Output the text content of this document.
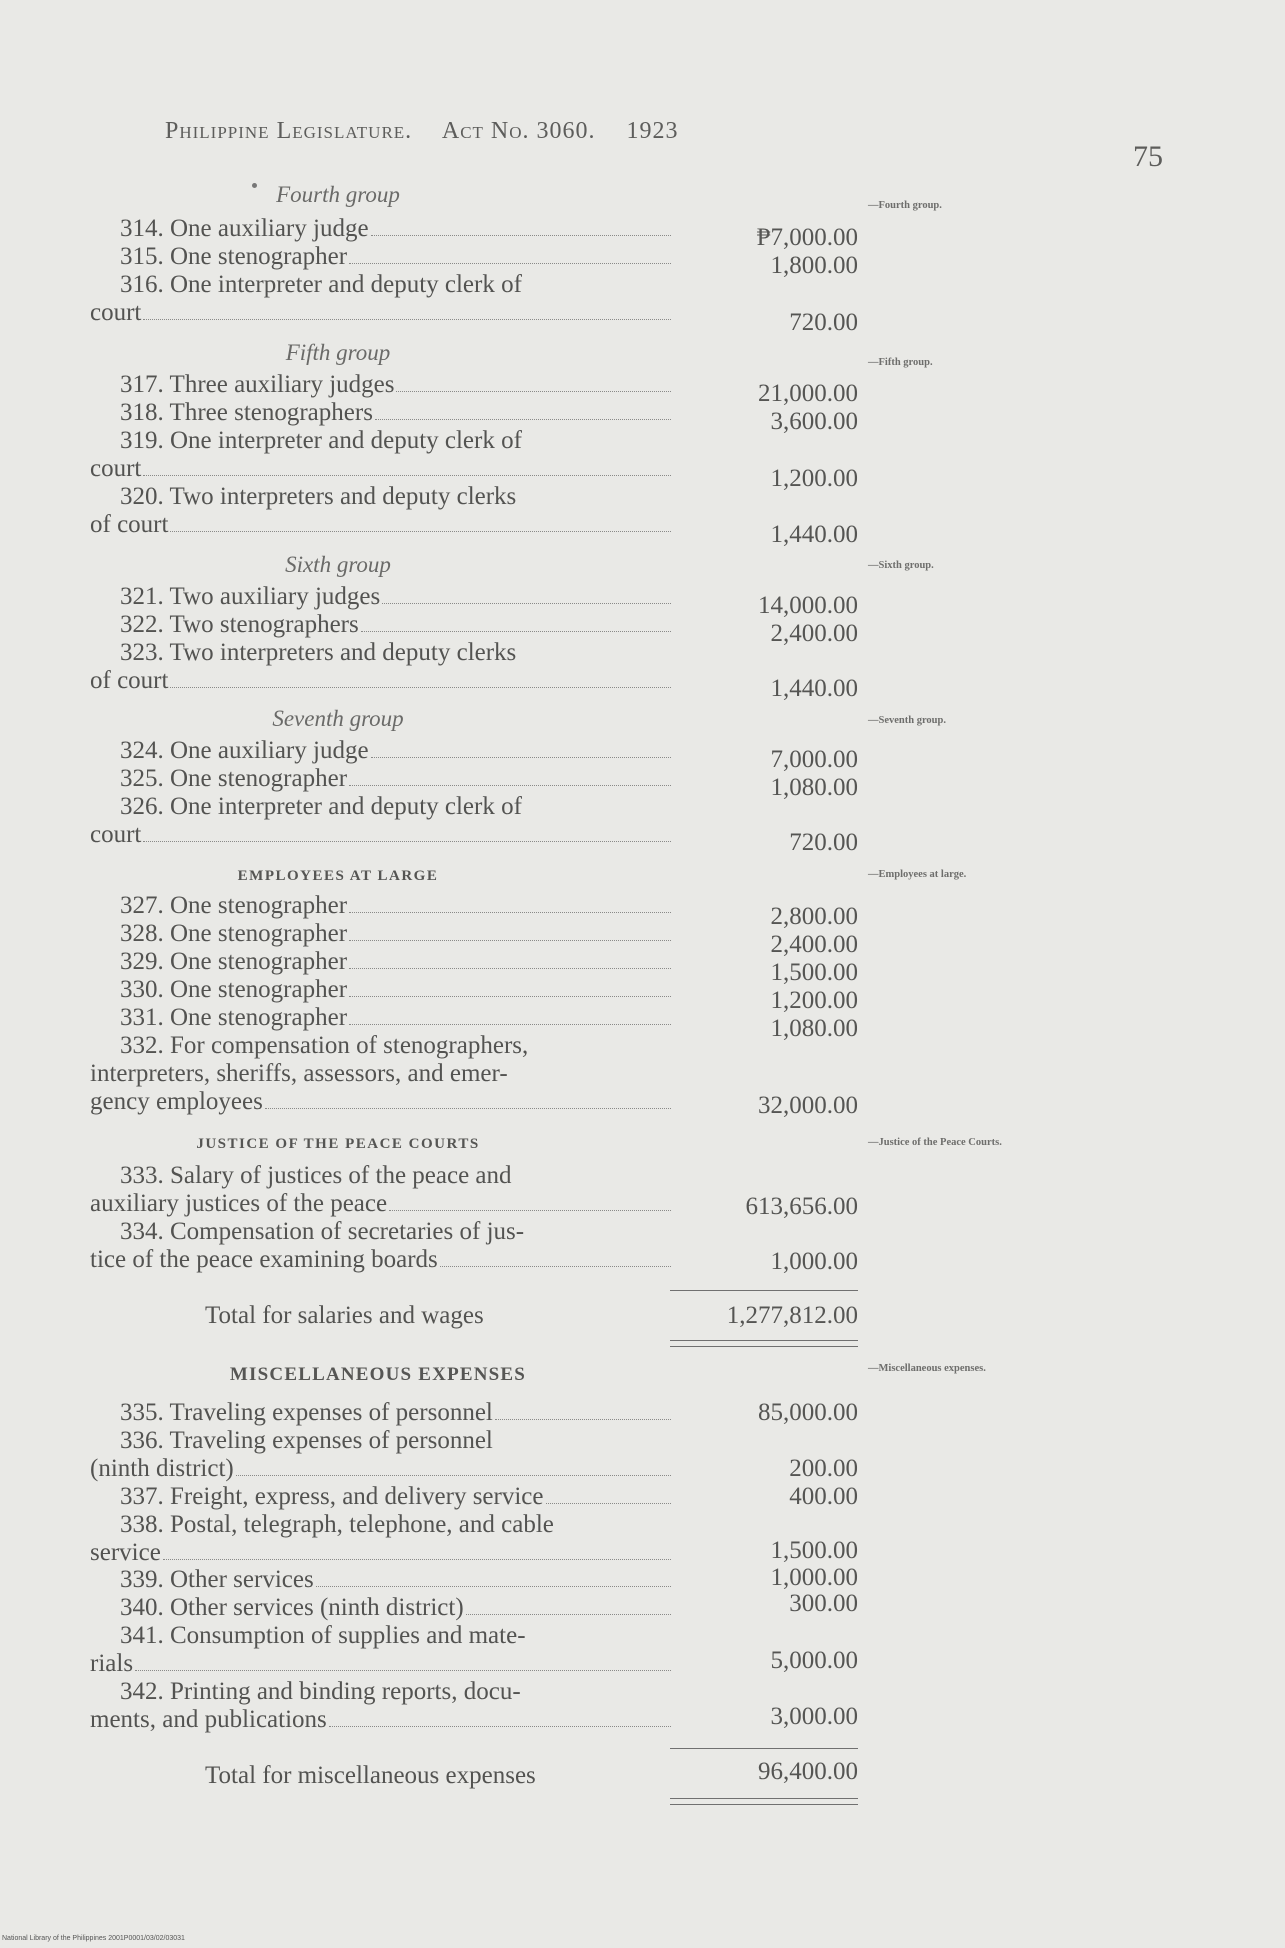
Philippine Legislature. Act No. 3060. 1923
75
Fourth group	—Fourth group.
314. One auxiliary judge	₱7,000.00
315. One stenographer	1,800.00
316. One interpreter and deputy clerk of
court	720.00
Fifth group	—Fifth group.
317. Three auxiliary judges	21,000.00
318. Three stenographers	3,600.00
319. One interpreter and deputy clerk of
court	1,200.00
320. Two interpreters and deputy clerks
of court	1,440.00
Sixth group	—Sixth group.
321. Two auxiliary judges	14,000.00
322. Two stenographers	2,400.00
323. Two interpreters and deputy clerks
of court	1,440.00
Seventh group	—Seventh group.
324. One auxiliary judge	7,000.00
325. One stenographer	1,080.00
326. One interpreter and deputy clerk of
court	720.00
EMPLOYEES AT LARGE	—Employees at large.
327. One stenographer	2,800.00
328. One stenographer	2,400.00
329. One stenographer	1,500.00
330. One stenographer	1,200.00
331. One stenographer	1,080.00
332. For compensation of stenographers,
interpreters, sheriffs, assessors, and emer-
gency employees	32,000.00
JUSTICE OF THE PEACE COURTS	—Justice of the Peace Courts.
333. Salary of justices of the peace and
auxiliary justices of the peace	613,656.00
334. Compensation of secretaries of jus-
tice of the peace examining boards	1,000.00
Total for salaries and wages	1,277,812.00
MISCELLANEOUS EXPENSES	—Miscellaneous expenses.
335. Traveling expenses of personnel	85,000.00
336. Traveling expenses of personnel
(ninth district)	200.00
337. Freight, express, and delivery service	400.00
338. Postal, telegraph, telephone, and cable
service	1,500.00
339. Other services	1,000.00
340. Other services (ninth district)	300.00
341. Consumption of supplies and mate-
rials	5,000.00
342. Printing and binding reports, docu-
ments, and publications	3,000.00
Total for miscellaneous expenses	96,400.00
National Library of the Philippines 2001P0001/03/02/03031
